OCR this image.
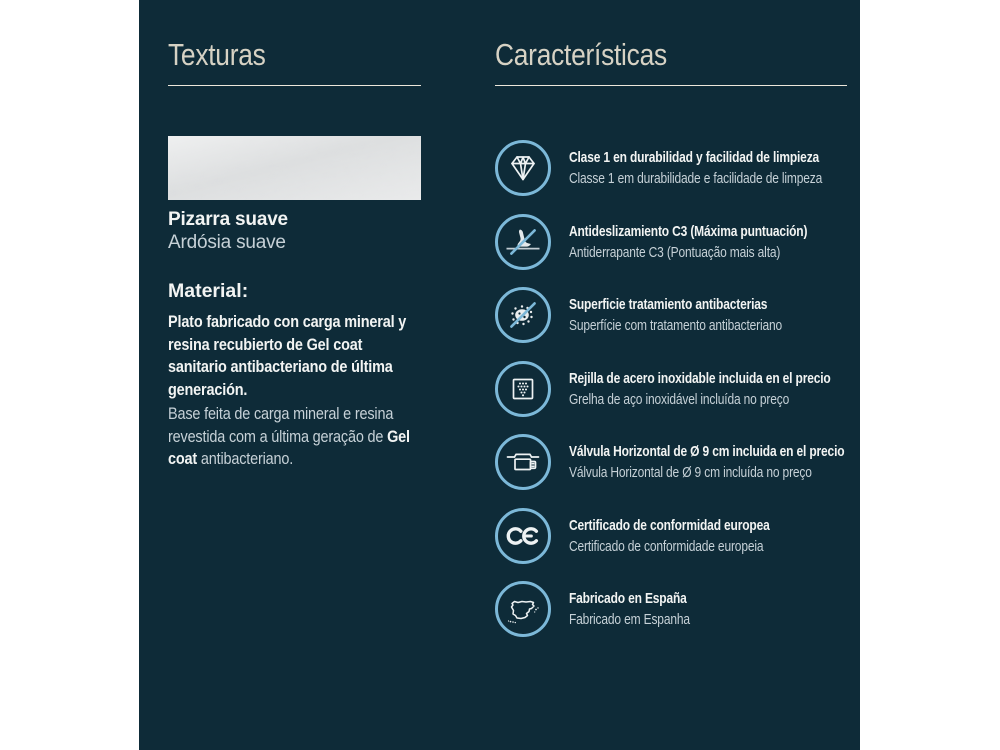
Texturas
Pizarra suave
Ardósia suave
Material:

Plato fabricado con carga mineral y resina recubierto de Gel coat sanitario antibacteriano de última generación.

Base feita de carga mineral e resina revestida com a última geração de Gel coat antibacteriano.

Características
Clase 1 en durabilidad y facilidad de limpieza
Classe 1 em durabilidade e facilidade de limpeza
Antideslizamiento C3 (Máxima puntuación)
Antiderrapante C3 (Pontuação mais alta)
Superficie tratamiento antibacterias
Superfície com tratamento antibacteriano
Rejilla de acero inoxidable incluida en el precio
Grelha de aço inoxidável incluída no preço
Válvula Horizontal de Ø 9 cm incluida en el precio
Válvula Horizontal de Ø 9 cm incluída no preço
Certificado de conformidad europea
Certificado de conformidade europeia
Fabricado en España
Fabricado em Espanha
